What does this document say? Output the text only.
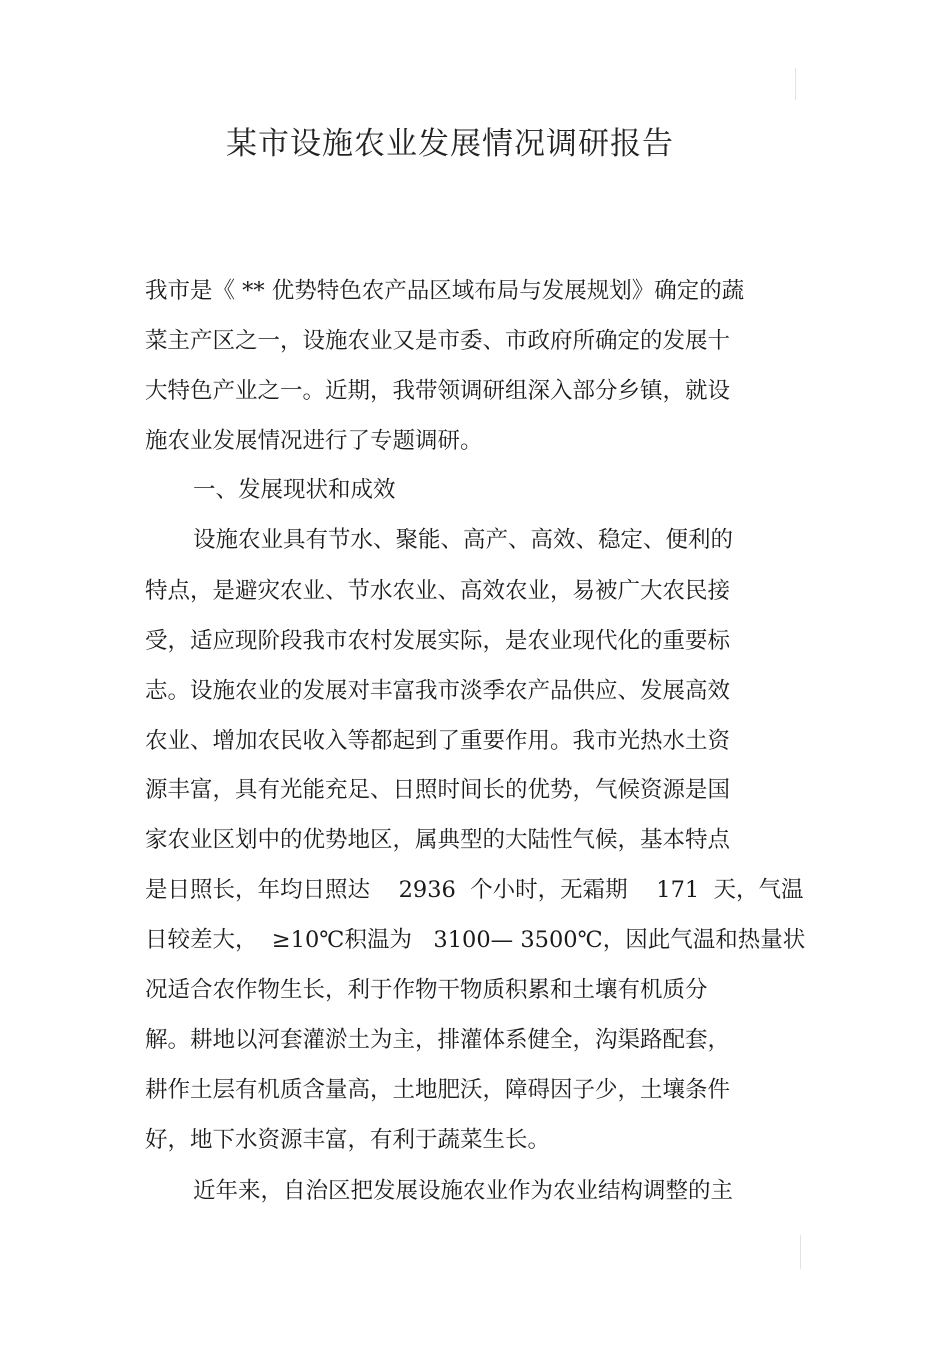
某市设施农业发展情况调研报告
我市是《 ** 优势特色农产品区域布局与发展规划》确定的蔬
菜主产区之一，设施农业又是市委、市政府所确定的发展十
大特色产业之一。近期，我带领调研组深入部分乡镇，就设
施农业发展情况进行了专题调研。
一、发展现状和成效
设施农业具有节水、聚能、高产、高效、稳定、便利的
特点，是避灾农业、节水农业、高效农业，易被广大农民接
受，适应现阶段我市农村发展实际，是农业现代化的重要标
志。设施农业的发展对丰富我市淡季农产品供应、发展高效
农业、增加农民收入等都起到了重要作用。我市光热水土资
源丰富，具有光能充足、日照时间长的优势，气候资源是国
家农业区划中的优势地区，属典型的大陆性气候，基本特点
是日照长，年均日照达    2936  个小时，无霜期    171  天，气温
日较差大，  ≥10℃积温为   3100— 3500℃，因此气温和热量状
况适合农作物生长，利于作物干物质积累和土壤有机质分
解。耕地以河套灌淤土为主，排灌体系健全，沟渠路配套，
耕作土层有机质含量高，土地肥沃，障碍因子少，土壤条件
好，地下水资源丰富，有利于蔬菜生长。
近年来，自治区把发展设施农业作为农业结构调整的主
